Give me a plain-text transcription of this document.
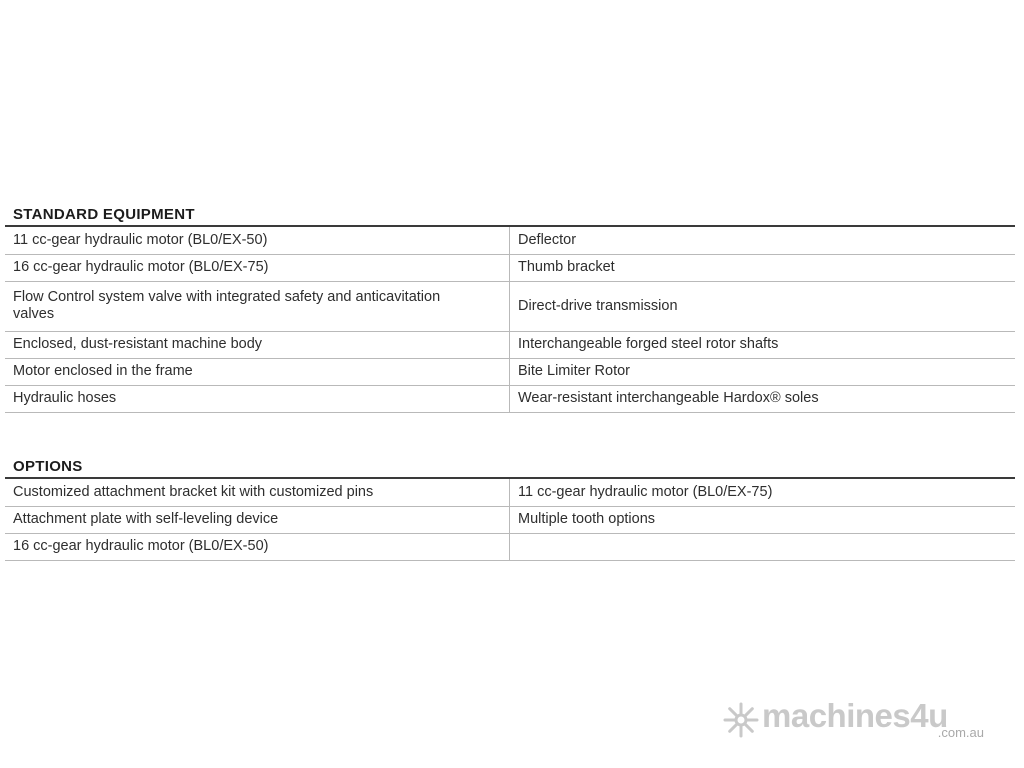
STANDARD EQUIPMENT
11 cc-gear hydraulic motor (BL0/EX-50)	Deflector
16 cc-gear hydraulic motor (BL0/EX-75)	Thumb bracket
Flow Control system valve with integrated safety and anticavitation valves	Direct-drive transmission
Enclosed, dust-resistant machine body	Interchangeable forged steel rotor shafts
Motor enclosed in the frame	Bite Limiter Rotor
Hydraulic hoses	Wear-resistant interchangeable Hardox® soles
OPTIONS
Customized attachment bracket kit with customized pins	11 cc-gear hydraulic motor (BL0/EX-75)
Attachment plate with self-leveling device	Multiple tooth options
16 cc-gear hydraulic motor (BL0/EX-50)	
machines4u
.com.au
